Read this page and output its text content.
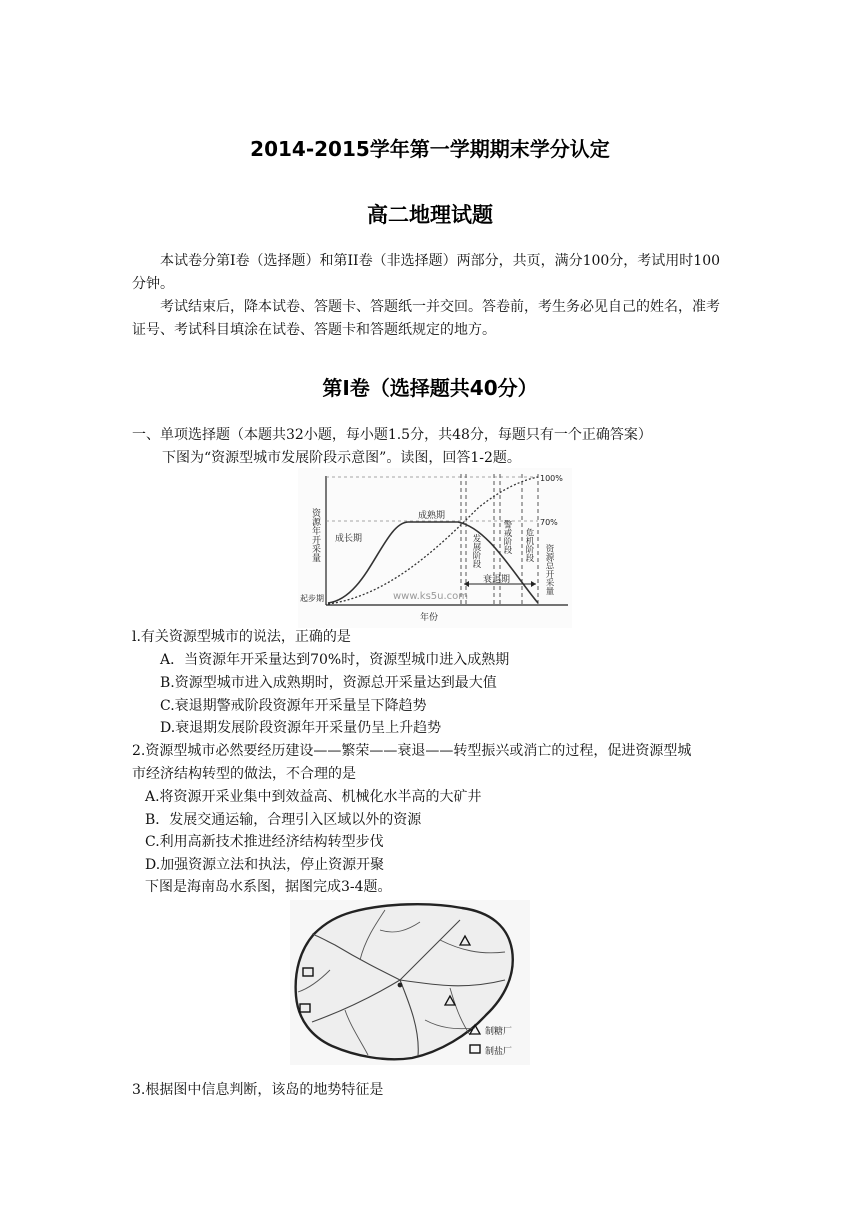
2014-2015学年第一学期期末学分认定
高二地理试题
本试卷分第I卷（选择题）和第II卷（非选择题）两部分，共页，满分100分，考试用时100分钟。
考试结束后，降本试卷、答题卡、答题纸一并交回。答卷前，考生务必见自己的姓名，准考证号、考试科目填涂在试卷、答题卡和答题纸规定的地方。
第I卷（选择题共40分）
一、单项选择题（本题共32小题，每小题1.5分，共48分，每题只有一个正确答案）
下图为“资源型城市发展阶段示意图”。读图，回答1-2题。
100%
70%
资源年开采量 成长期
成熟期
起步期
发展阶段 警戒阶段 危机阶段 资源总开采量
衰退期
www.ks5u.com
年份
l.有关资源型城市的说法，正确的是
A．当资源年开采量达到70%时，资源型城巾进入成熟期
B.资源型城市进入成熟期时，资源总开采量达到最大值
C.衰退期警戒阶段资源年开采量呈下降趋势
D.衰退期发展阶段资源年开采量仍呈上升趋势
2.资源型城市必然要经历建设——繁荣——衰退——转型振兴或消亡的过程，促进资源型城
市经济结构转型的做法，不合理的是
A.将资源开采业集中到效益高、机械化水半高的大矿井
B．发展交通运输，合理引入区域以外的资源
C.利用高新技术推进经济结构转型步伐
D.加强资源立法和执法，停止资源开聚
下图是海南岛水系图，据图完成3-4题。
制糖厂
制盐厂
3.根据图中信息判断，该岛的地势特征是
